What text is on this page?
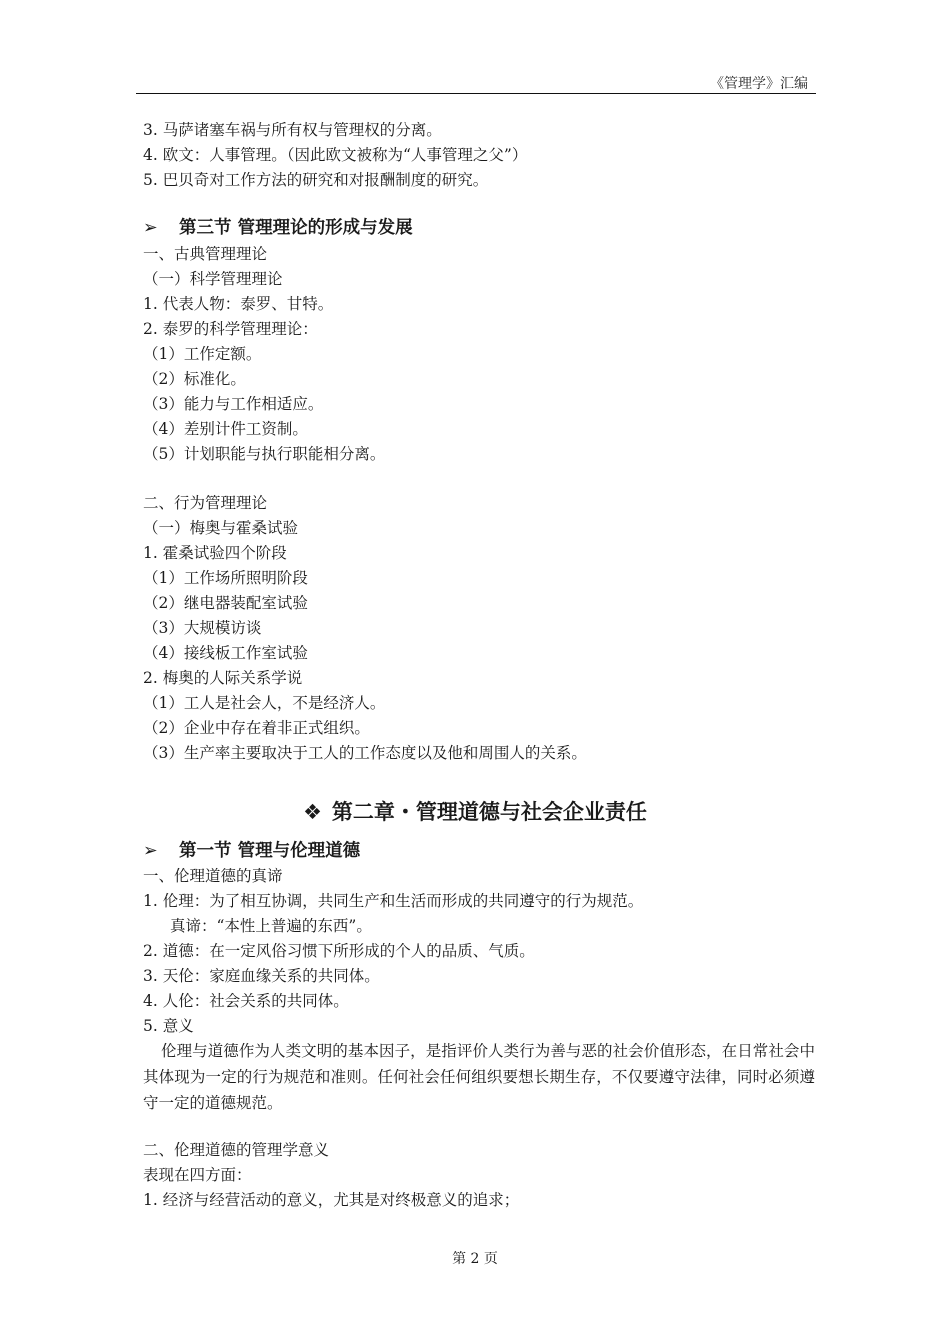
《管理学》汇编
3. 马萨诸塞车祸与所有权与管理权的分离。
4. 欧文：人事管理。（因此欧文被称为“人事管理之父”）
5. 巴贝奇对工作方法的研究和对报酬制度的研究。
➢ 第三节 管理理论的形成与发展
一、古典管理理论
（一）科学管理理论
1. 代表人物：泰罗、甘特。
2. 泰罗的科学管理理论：
（1）工作定额。
（2）标准化。
（3）能力与工作相适应。
（4）差别计件工资制。
（5）计划职能与执行职能相分离。
二、行为管理理论
（一）梅奥与霍桑试验
1. 霍桑试验四个阶段
（1）工作场所照明阶段
（2）继电器装配室试验
（3）大规模访谈
（4）接线板工作室试验
2. 梅奥的人际关系学说
（1）工人是社会人，不是经济人。
（2）企业中存在着非正式组织。
（3）生产率主要取决于工人的工作态度以及他和周围人的关系。
❖ 第二章・管理道德与社会企业责任
➢ 第一节 管理与伦理道德
一、伦理道德的真谛
1. 伦理：为了相互协调，共同生产和生活而形成的共同遵守的行为规范。
真谛：“本性上普遍的东西”。
2. 道德：在一定风俗习惯下所形成的个人的品质、气质。
3. 天伦：家庭血缘关系的共同体。
4. 人伦：社会关系的共同体。
5. 意义
伦理与道德作为人类文明的基本因子，是指评价人类行为善与恶的社会价值形态，在日常社会中其体现为一定的行为规范和准则。任何社会任何组织要想长期生存，不仅要遵守法律，同时必须遵守一定的道德规范。
二、伦理道德的管理学意义
表现在四方面：
1. 经济与经营活动的意义，尤其是对终极意义的追求；
第 2 页
